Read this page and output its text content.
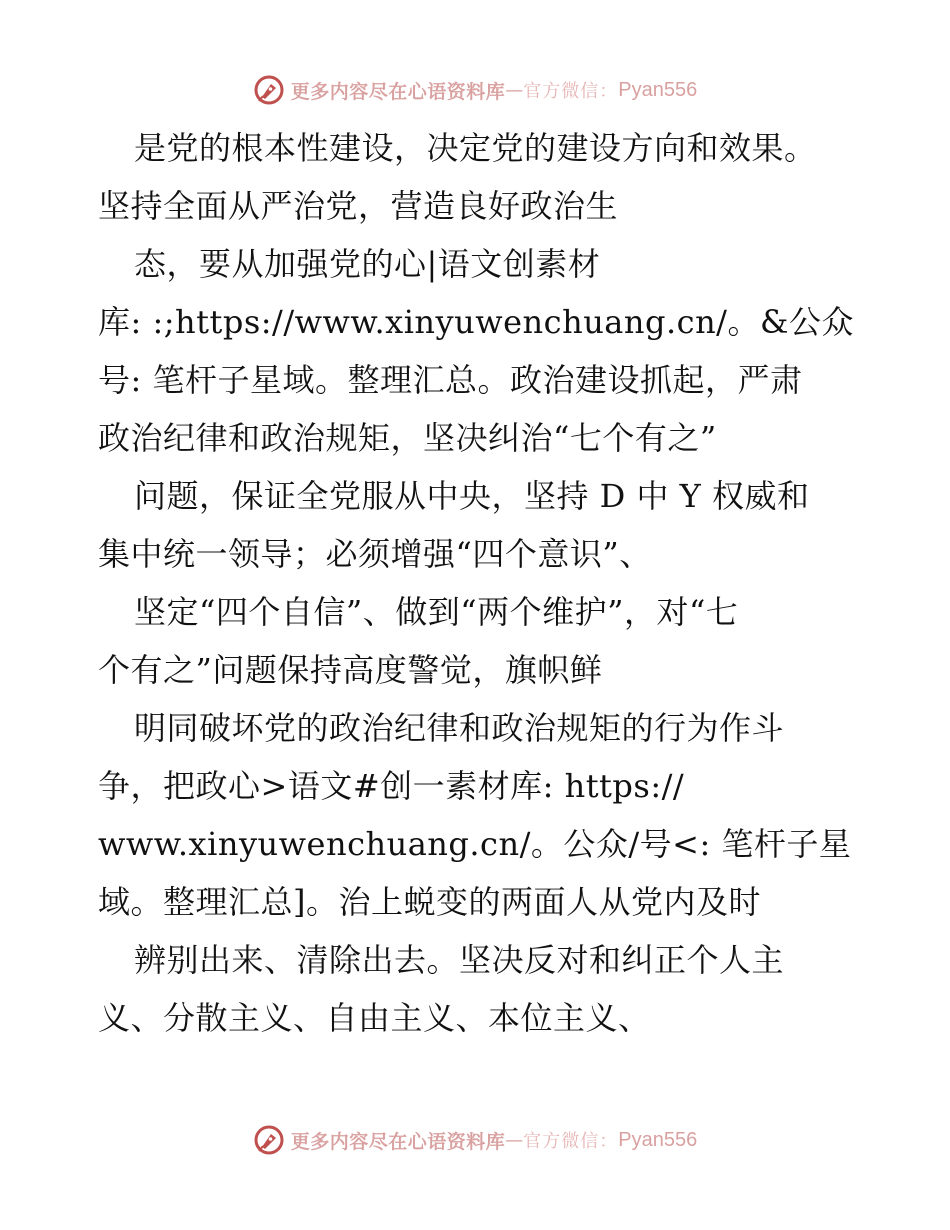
更多内容尽在心语资料库 — 官方微信： Pyan556
是党的根本性建设，决定党的建设方向和效果。
坚持全面从严治党，营造良好政治生
态，要从加强党的心|语文创素材
库: :;https://www.xinyuwenchuang.cn/。&公众
号: 笔杆子星域。整理汇总。政治建设抓起，严肃
政治纪律和政治规矩，坚决纠治“七个有之”
问题，保证全党服从中央，坚持 D 中 Y 权威和
集中统一领导；必须增强“四个意识”、
坚定“四个自信”、做到“两个维护”，对“七
个有之”问题保持高度警觉，旗帜鲜
明同破坏党的政治纪律和政治规矩的行为作斗
争，把政心>语文#创一素材库: https://
www.xinyuwenchuang.cn/。公众/号<: 笔杆子星
域。整理汇总]。治上蜕变的两面人从党内及时
辨别出来、清除出去。坚决反对和纠正个人主
义、分散主义、自由主义、本位主义、
更多内容尽在心语资料库 — 官方微信： Pyan556
